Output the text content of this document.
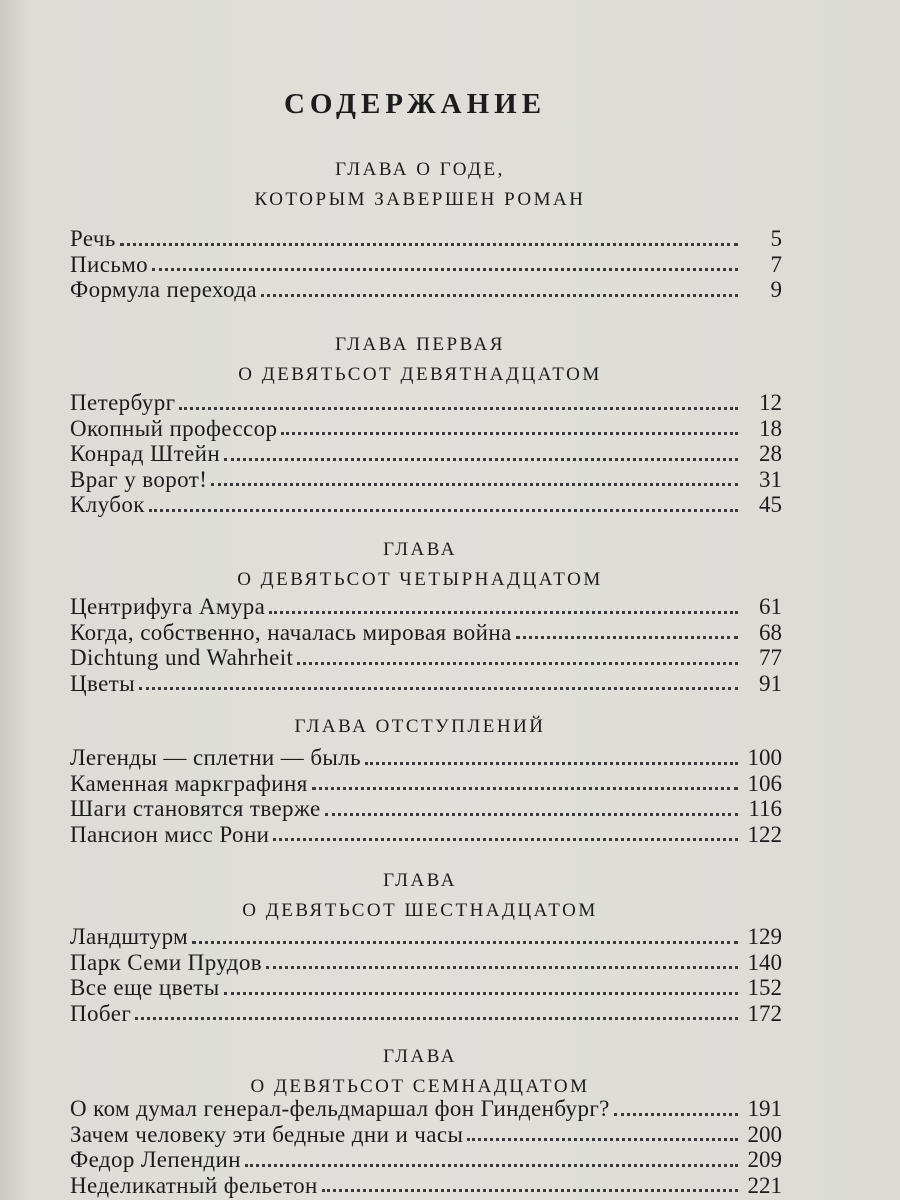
СОДЕРЖАНИЕ
ГЛАВА О ГОДЕ,
КОТОРЫМ ЗАВЕРШЕН РОМАН
Речь	5
Письмо	7
Формула перехода	9
ГЛАВА ПЕРВАЯ
О ДЕВЯТЬСОТ ДЕВЯТНАДЦАТОМ
Петербург	12
Окопный профессор	18
Конрад Штейн	28
Враг у ворот!	31
Клубок	45
ГЛАВА
О ДЕВЯТЬСОТ ЧЕТЫРНАДЦАТОМ
Центрифуга Амура	61
Когда, собственно, началась мировая война	68
Dichtung und Wahrheit	77
Цветы	91
ГЛАВА ОТСТУПЛЕНИЙ
Легенды — сплетни — быль	100
Каменная маркграфиня	106
Шаги становятся тверже	116
Пансион мисс Рони	122
ГЛАВА
О ДЕВЯТЬСОТ ШЕСТНАДЦАТОМ
Ландштурм	129
Парк Семи Прудов	140
Все еще цветы	152
Побег	172
ГЛАВА
О ДЕВЯТЬСОТ СЕМНАДЦАТОМ
О ком думал генерал-фельдмаршал фон Гинденбург?	191
Зачем человеку эти бедные дни и часы	200
Федор Лепендин	209
Неделикатный фельетон	221
